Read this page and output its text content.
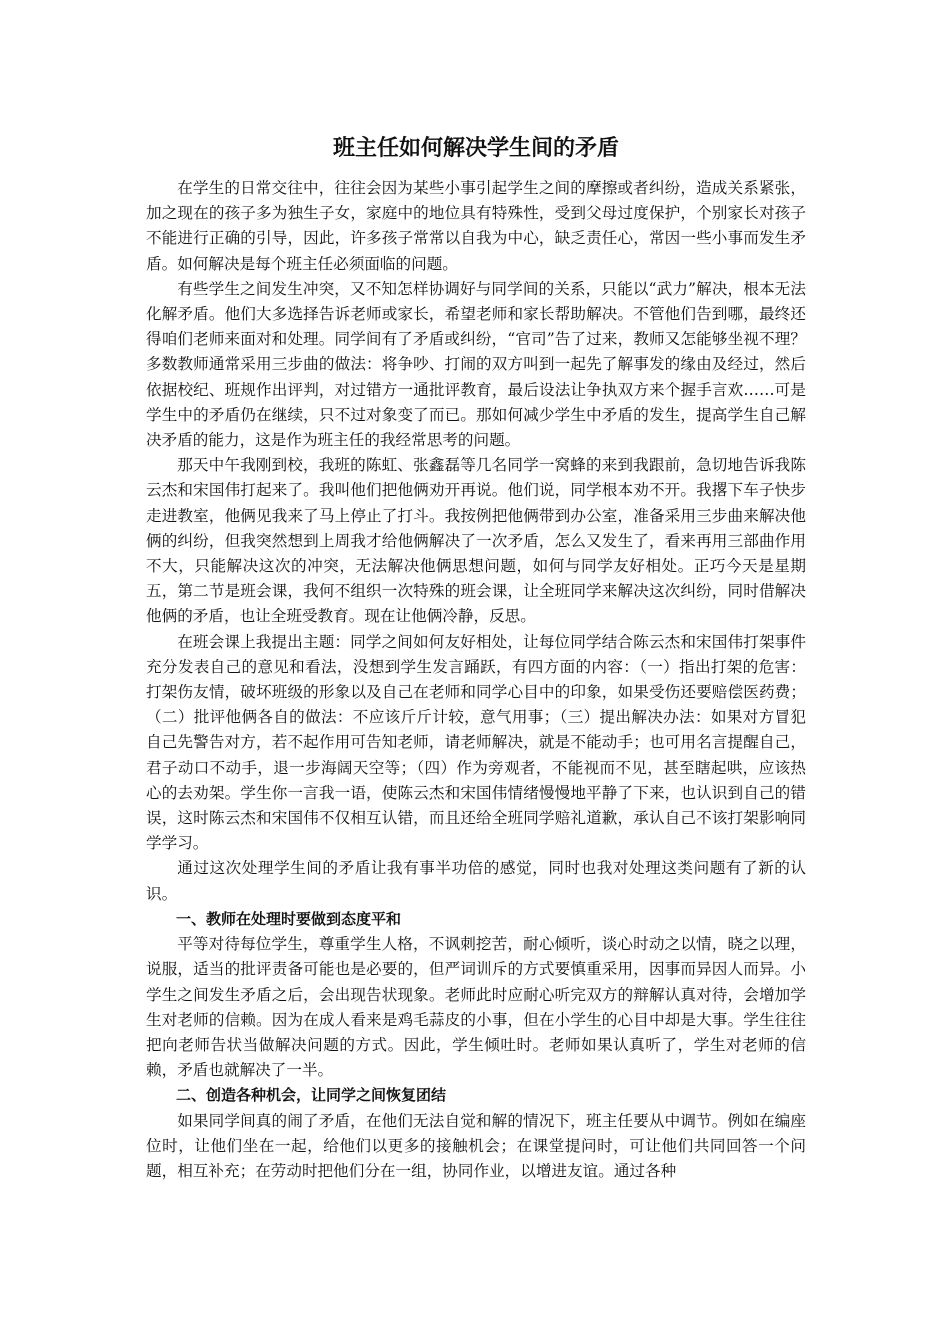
班主任如何解决学生间的矛盾

在学生的日常交往中，往往会因为某些小事引起学生之间的摩擦或者纠纷，造成关系紧张，加之现在的孩子多为独生子女，家庭中的地位具有特殊性，受到父母过度保护，个别家长对孩子不能进行正确的引导，因此，许多孩子常常以自我为中心，缺乏责任心，常因一些小事而发生矛盾。如何解决是每个班主任必须面临的问题。

有些学生之间发生冲突，又不知怎样协调好与同学间的关系，只能以“武力”解决，根本无法化解矛盾。他们大多选择告诉老师或家长，希望老师和家长帮助解决。不管他们告到哪，最终还得咱们老师来面对和处理。同学间有了矛盾或纠纷，“官司”告了过来，教师又怎能够坐视不理？多数教师通常采用三步曲的做法：将争吵、打闹的双方叫到一起先了解事发的缘由及经过，然后依据校纪、班规作出评判，对过错方一通批评教育，最后设法让争执双方来个握手言欢……可是学生中的矛盾仍在继续，只不过对象变了而已。那如何减少学生中矛盾的发生，提高学生自己解决矛盾的能力，这是作为班主任的我经常思考的问题。

那天中午我刚到校，我班的陈虹、张鑫磊等几名同学一窝蜂的来到我跟前，急切地告诉我陈云杰和宋国伟打起来了。我叫他们把他俩劝开再说。他们说，同学根本劝不开。我撂下车子快步走进教室，他俩见我来了马上停止了打斗。我按例把他俩带到办公室，准备采用三步曲来解决他俩的纠纷，但我突然想到上周我才给他俩解决了一次矛盾，怎么又发生了，看来再用三部曲作用不大，只能解决这次的冲突，无法解决他俩思想问题，如何与同学友好相处。正巧今天是星期五，第二节是班会课，我何不组织一次特殊的班会课，让全班同学来解决这次纠纷，同时借解决他俩的矛盾，也让全班受教育。现在让他俩冷静，反思。

在班会课上我提出主题：同学之间如何友好相处，让每位同学结合陈云杰和宋国伟打架事件充分发表自己的意见和看法，没想到学生发言踊跃，有四方面的内容：（一）指出打架的危害：打架伤友情，破坏班级的形象以及自己在老师和同学心目中的印象，如果受伤还要赔偿医药费；（二）批评他俩各自的做法：不应该斤斤计较，意气用事；（三）提出解决办法：如果对方冒犯自己先警告对方，若不起作用可告知老师，请老师解决，就是不能动手；也可用名言提醒自己，君子动口不动手，退一步海阔天空等；（四）作为旁观者，不能视而不见，甚至瞎起哄，应该热心的去劝架。学生你一言我一语，使陈云杰和宋国伟情绪慢慢地平静了下来，也认识到自己的错误，这时陈云杰和宋国伟不仅相互认错，而且还给全班同学赔礼道歉，承认自己不该打架影响同学学习。

通过这次处理学生间的矛盾让我有事半功倍的感觉，同时也我对处理这类问题有了新的认识。

一、教师在处理时要做到态度平和

平等对待每位学生，尊重学生人格，不讽刺挖苦，耐心倾听，谈心时动之以情，晓之以理，说服，适当的批评责备可能也是必要的，但严词训斥的方式要慎重采用，因事而异因人而异。小学生之间发生矛盾之后，会出现告状现象。老师此时应耐心听完双方的辩解认真对待，会增加学生对老师的信赖。因为在成人看来是鸡毛蒜皮的小事，但在小学生的心目中却是大事。学生往往把向老师告状当做解决问题的方式。因此，学生倾吐时。老师如果认真听了，学生对老师的信赖，矛盾也就解决了一半。

二、创造各种机会，让同学之间恢复团结

如果同学间真的闹了矛盾，在他们无法自觉和解的情况下，班主任要从中调节。例如在编座位时，让他们坐在一起，给他们以更多的接触机会；在课堂提问时，可让他们共同回答一个问题，相互补充；在劳动时把他们分在一组，协同作业，以增进友谊。通过各种
